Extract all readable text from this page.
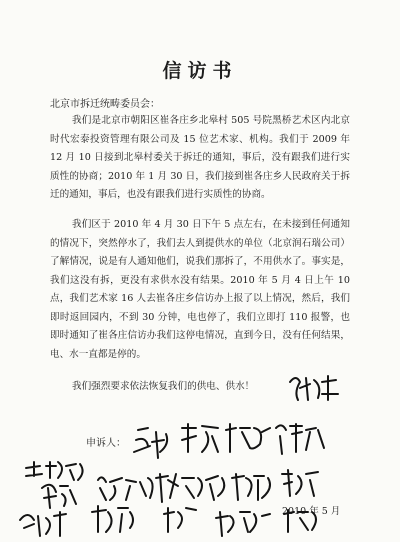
信访书
北京市拆迁统畴委员会：

我们是北京市朝阳区崔各庄乡北皋村 505 号院黑桥艺术区内北京时代宏泰投资管理有限公司及 15 位艺术家、机构。我们于 2009 年 12 月 10 日接到北皋村委关于拆迁的通知，事后，没有跟我们进行实质性的协商；2010 年 1 月 30 日，我们接到崔各庄乡人民政府关于拆迁的通知，事后，也没有跟我们进行实质性的协商。

我们区于 2010 年 4 月 30 日下午 5 点左右，在未接到任何通知的情况下，突然停水了，我们去人到提供水的单位（北京润石瑞公司）了解情况，说是有人通知他们，说我们那拆了，不用供水了。事实是，我们这没有拆，更没有求供水没有结果。2010 年 5 月 4 日上午 10 点，我们艺术家 16 人去崔各庄乡信访办上报了以上情况，然后，我们即时返回园内，不到 30 分钟，电也停了，我们立即打 110 报警，也即时通知了崔各庄信访办我们这停电情况，直到今日，没有任何结果，电、水一直都是停的。

我们强烈要求依法恢复我们的供电、供水！

申诉人：
2010 年 5 月
